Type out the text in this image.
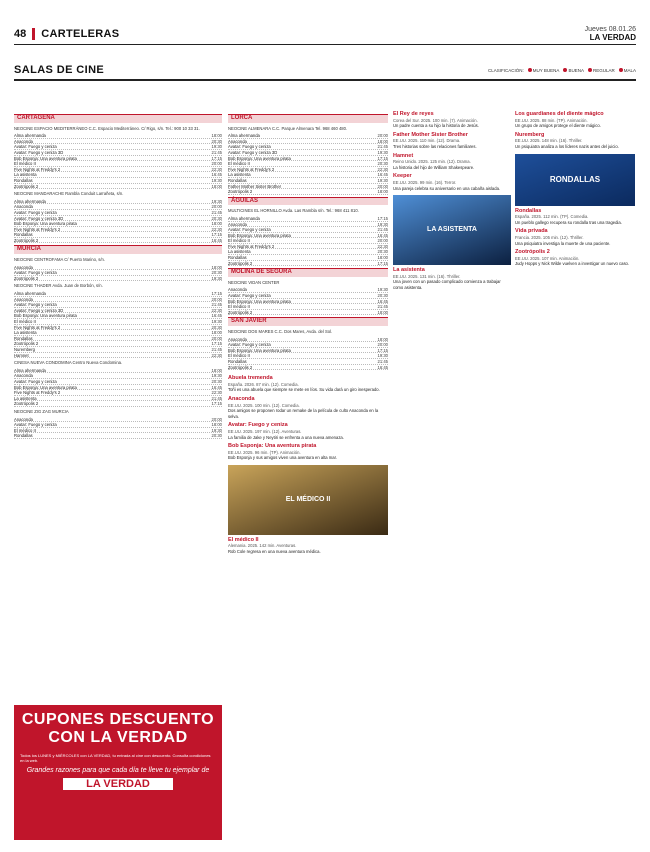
48 CARTELERAS	Jueves 08.01.26
LA VERDAD
SALAS DE CINE	CLASIFICACIÓN:	MUY BUENA	BUENA	REGULAR	MALA
CARTAGENA
NEOCINE ESPACIO MEDITERRÁNEO C.C. Espacio Mediterráneo. C/ Rigo, s/n. Tel.: 900 10 33 31.
Alma ahermanda	18:00
Anaconda	20:30
Avatar: Fuego y ceniza	19:30
Avatar: Fuego y ceniza 3D	21:45
Bob Esponja: Una aventura pirata	17:15
El médico II	20:00
Five Nights at Freddy's 2	22:30
La asistenta	16:45
Rondallas	19:30
Zootrópolis 2	18:00
NEOCINE MANDARACHE Rambla Conduit Larrañeta, s/n.
Alma ahermanda	19:30
Anaconda	20:00
Avatar: Fuego y ceniza	21:45
Avatar: Fuego y ceniza 3D	20:30
Bob Esponja: Una aventura pirata	18:00
Five Nights at Freddy's 2	22:30
Rondallas	17:15
Zootrópolis 2	16:45
MURCIA
NEOCINE CENTROFAMA C/ Puerto Marino, s/n.
Anaconda	18:00
Avatar: Fuego y ceniza	20:30
Zootrópolis 2	19:30
NEOCINE THADER Avda. Juan de Borbón, s/n.
Alma ahermanda	17:15
Anaconda	20:00
Avatar: Fuego y ceniza	21:45
Avatar: Fuego y ceniza 3D	22:30
Bob Esponja: Una aventura pirata	16:45
El médico II	19:30
Five Nights at Freddy's 2	20:30
La asistenta	18:00
Rondallas	20:00
Zootrópolis 2	17:15
Nuremberg	21:45
Hamnet	22:30
CINESA NUEVA CONDOMINA Centro Nueva Condomina.
Alma ahermanda	18:00
Anaconda	19:30
Avatar: Fuego y ceniza	20:30
Bob Esponja: Una aventura pirata	16:45
Five Nights at Freddy's 2	22:30
La asistenta	21:45
Zootrópolis 2	17:15
NEOCINE ZIG ZAG MURCIA
Anaconda	20:00
Avatar: Fuego y ceniza	18:00
El médico II	19:30
Rondallas	20:30
LORCA
NEOCINE ALMENARA C.C. Parque Almenara Tel. 968 460 480.
Alma ahermanda	20:00
Anaconda	18:00
Avatar: Fuego y ceniza	21:45
Avatar: Fuego y ceniza 3D	19:30
Bob Esponja: Una aventura pirata	17:15
El médico II	20:30
Five Nights at Freddy's 2	22:30
La asistenta	16:45
Rondallas	19:30
Father Mother Sister Brother	20:00
Zootrópolis 2	18:00
ÁGUILAS
MULTICINES EL HORNILLO Avda. Las Rambla s/n. Tel.: 968 411 810.
Alma ahermanda	17:15
Anaconda	19:30
Avatar: Fuego y ceniza	21:45
Bob Esponja: Una aventura pirata	16:45
El médico II	20:00
Five Nights at Freddy's 2	22:30
La asistenta	20:30
Rondallas	18:00
Zootrópolis 2	17:15
MOLINA DE SEGURA
NEOCINE VIDAN CENTER
Anaconda	19:30
Avatar: Fuego y ceniza	20:30
Bob Esponja: Una aventura pirata	16:45
El médico II	21:45
Zootrópolis 2	18:00
SAN JAVIER
NEOCINE DOS MARES C.C. Dos Mares, Avda. del Sol.
Anaconda	18:00
Avatar: Fuego y ceniza	20:00
Bob Esponja: Una aventura pirata	17:15
El médico II	19:30
Rondallas	21:45
Zootrópolis 2	16:45
Abuela tremenda
España. 2026. 87 min. (12). Comedia.
Toñi es una abuela que siempre se mete en líos. Su vida dará un giro inesperado.
Anaconda
EE.UU. 2025. 100 min. (12). Comedia.
Dos amigos se proponen rodar un remake de la película de culto Anaconda en la selva.
Avatar: Fuego y ceniza
EE.UU. 2025. 197 min. (12). Aventuras.
La familia de Jake y Neytiri se enfrenta a una nueva amenaza.
Bob Esponja: Una aventura pirata
EE.UU. 2025. 96 min. (TP). Animación.
Bob Esponja y sus amigos viven una aventura en alta mar.
EL MÉDICO II
El médico II
Alemania. 2025. 142 min. Aventuras.
Rob Cole regresa en una nueva aventura médica.
El Rey de reyes
Corea del Sur. 2025. 100 min. (7). Animación.
Un padre cuenta a su hijo la historia de Jesús.
Father Mother Sister Brother
EE.UU. 2025. 110 min. (12). Drama.
Tres historias sobre las relaciones familiares.
Hamnet
Reino Unido. 2025. 125 min. (12). Drama.
La historia del hijo de William Shakespeare.
Keeper
EE.UU. 2025. 99 min. (16). Terror.
Una pareja celebra su aniversario en una cabaña aislada.
LA ASISTENTA
La asistenta
EE.UU. 2025. 131 min. (16). Thriller.
Una joven con un pasado complicado comienza a trabajar como asistenta.
Los guardianes del diente mágico
EE.UU. 2025. 88 min. (TP). Animación.
Un grupo de amigos protege el diente mágico.
Nuremberg
EE.UU. 2025. 148 min. (16). Thriller.
Un psiquiatra analiza a los líderes nazis antes del juicio.
RONDALLAS
Rondallas
España. 2025. 112 min. (TP). Comedia.
Un pueblo gallego recupera su rondalla tras una tragedia.
Vida privada
Francia. 2025. 105 min. (12). Thriller.
Una psiquiatra investiga la muerte de una paciente.
Zootrópolis 2
EE.UU. 2025. 107 min. Animación.
Judy Hopps y Nick Wilde vuelven a investigar un nuevo caso.
CUPONES DESCUENTO
CON LA VERDAD
Todos los LUNES y MIÉRCOLES con LA VERDAD, tu entrada al cine con descuento. Consulta condiciones en la web.
Grandes razones para que cada día te lleve tu ejemplar de
LA VERDAD
